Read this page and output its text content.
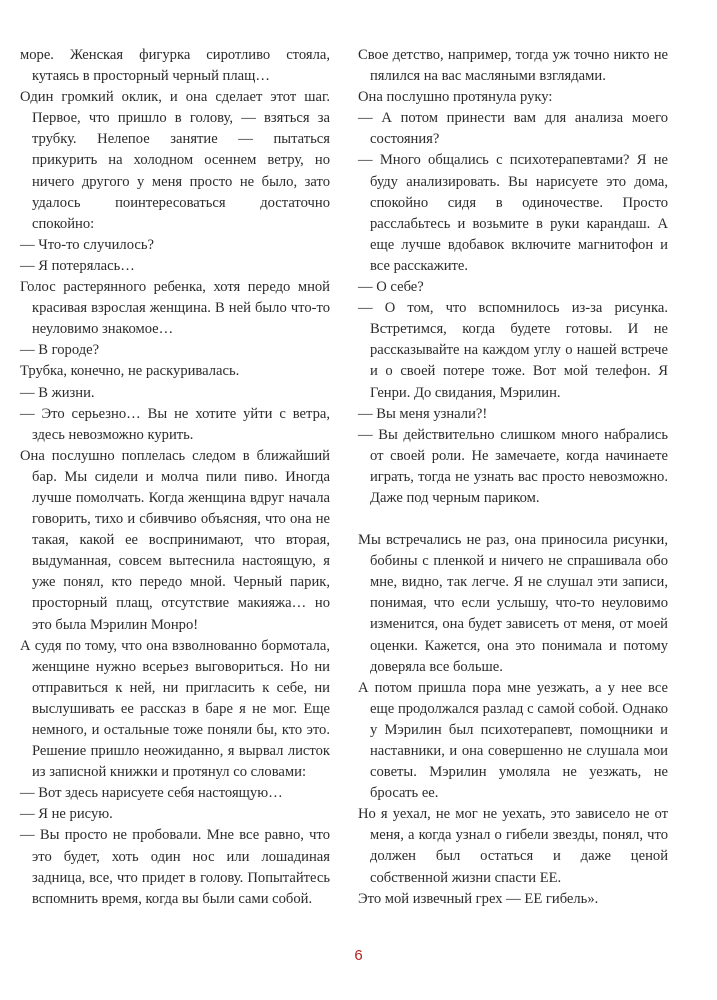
море. Женская фигурка сиротливо стояла, кутаясь в просторный черный плащ…

Один громкий оклик, и она сделает этот шаг. Первое, что пришло в голову, — взяться за трубку. Нелепое занятие — пытаться прикурить на холодном осеннем ветру, но ничего другого у меня просто не было, зато удалось поинтересоваться достаточно спокойно:

— Что-то случилось?

— Я потерялась…

Голос растерянного ребенка, хотя передо мной красивая взрослая женщина. В ней было что-то неуловимо знакомое…

— В городе?

Трубка, конечно, не раскуривалась.

— В жизни.

— Это серьезно… Вы не хотите уйти с ветра, здесь невозможно курить.

Она послушно поплелась следом в ближайший бар. Мы сидели и молча пили пиво. Иногда лучше помолчать. Когда женщина вдруг начала говорить, тихо и сбивчиво объясняя, что она не такая, какой ее воспринимают, что вторая, выдуманная, совсем вытеснила настоящую, я уже понял, кто передо мной. Черный парик, просторный плащ, отсутствие макияжа… но это была Мэрилин Монро!

А судя по тому, что она взволнованно бормотала, женщине нужно всерьез выговориться. Но ни отправиться к ней, ни пригласить к себе, ни выслушивать ее рассказ в баре я не мог. Еще немного, и остальные тоже поняли бы, кто это. Решение пришло неожиданно, я вырвал листок из записной книжки и протянул со словами:

— Вот здесь нарисуете себя настоящую…

— Я не рисую.

— Вы просто не пробовали. Мне все равно, что это будет, хоть один нос или лошадиная задница, все, что придет в голову. Попытайтесь вспомнить время, когда вы были сами собой.

Свое детство, например, тогда уж точно никто не пялился на вас масляными взглядами.

Она послушно протянула руку:

— А потом принести вам для анализа моего состояния?

— Много общались с психотерапевтами? Я не буду анализировать. Вы нарисуете это дома, спокойно сидя в одиночестве. Просто расслабьтесь и возьмите в руки карандаш. А еще лучше вдобавок включите магнитофон и все расскажите.

— О себе?

— О том, что вспомнилось из-за рисунка. Встретимся, когда будете готовы. И не рассказывайте на каждом углу о нашей встрече и о своей потере тоже. Вот мой телефон. Я Генри. До свидания, Мэрилин.

— Вы меня узнали?!

— Вы действительно слишком много набрались от своей роли. Не замечаете, когда начинаете играть, тогда не узнать вас просто невозможно. Даже под черным париком.

Мы встречались не раз, она приносила рисунки, бобины с пленкой и ничего не спрашивала обо мне, видно, так легче. Я не слушал эти записи, понимая, что если услышу, что-то неуловимо изменится, она будет зависеть от меня, от моей оценки. Кажется, она это понимала и потому доверяла все больше.

А потом пришла пора мне уезжать, а у нее все еще продолжался разлад с самой собой. Однако у Мэрилин был психотерапевт, помощники и наставники, и она совершенно не слушала мои советы. Мэрилин умоляла не уезжать, не бросать ее.

Но я уехал, не мог не уехать, это зависело не от меня, а когда узнал о гибели звезды, понял, что должен был остаться и даже ценой собственной жизни спасти ЕЕ.

Это мой извечный грех — ЕЕ гибель».

6
